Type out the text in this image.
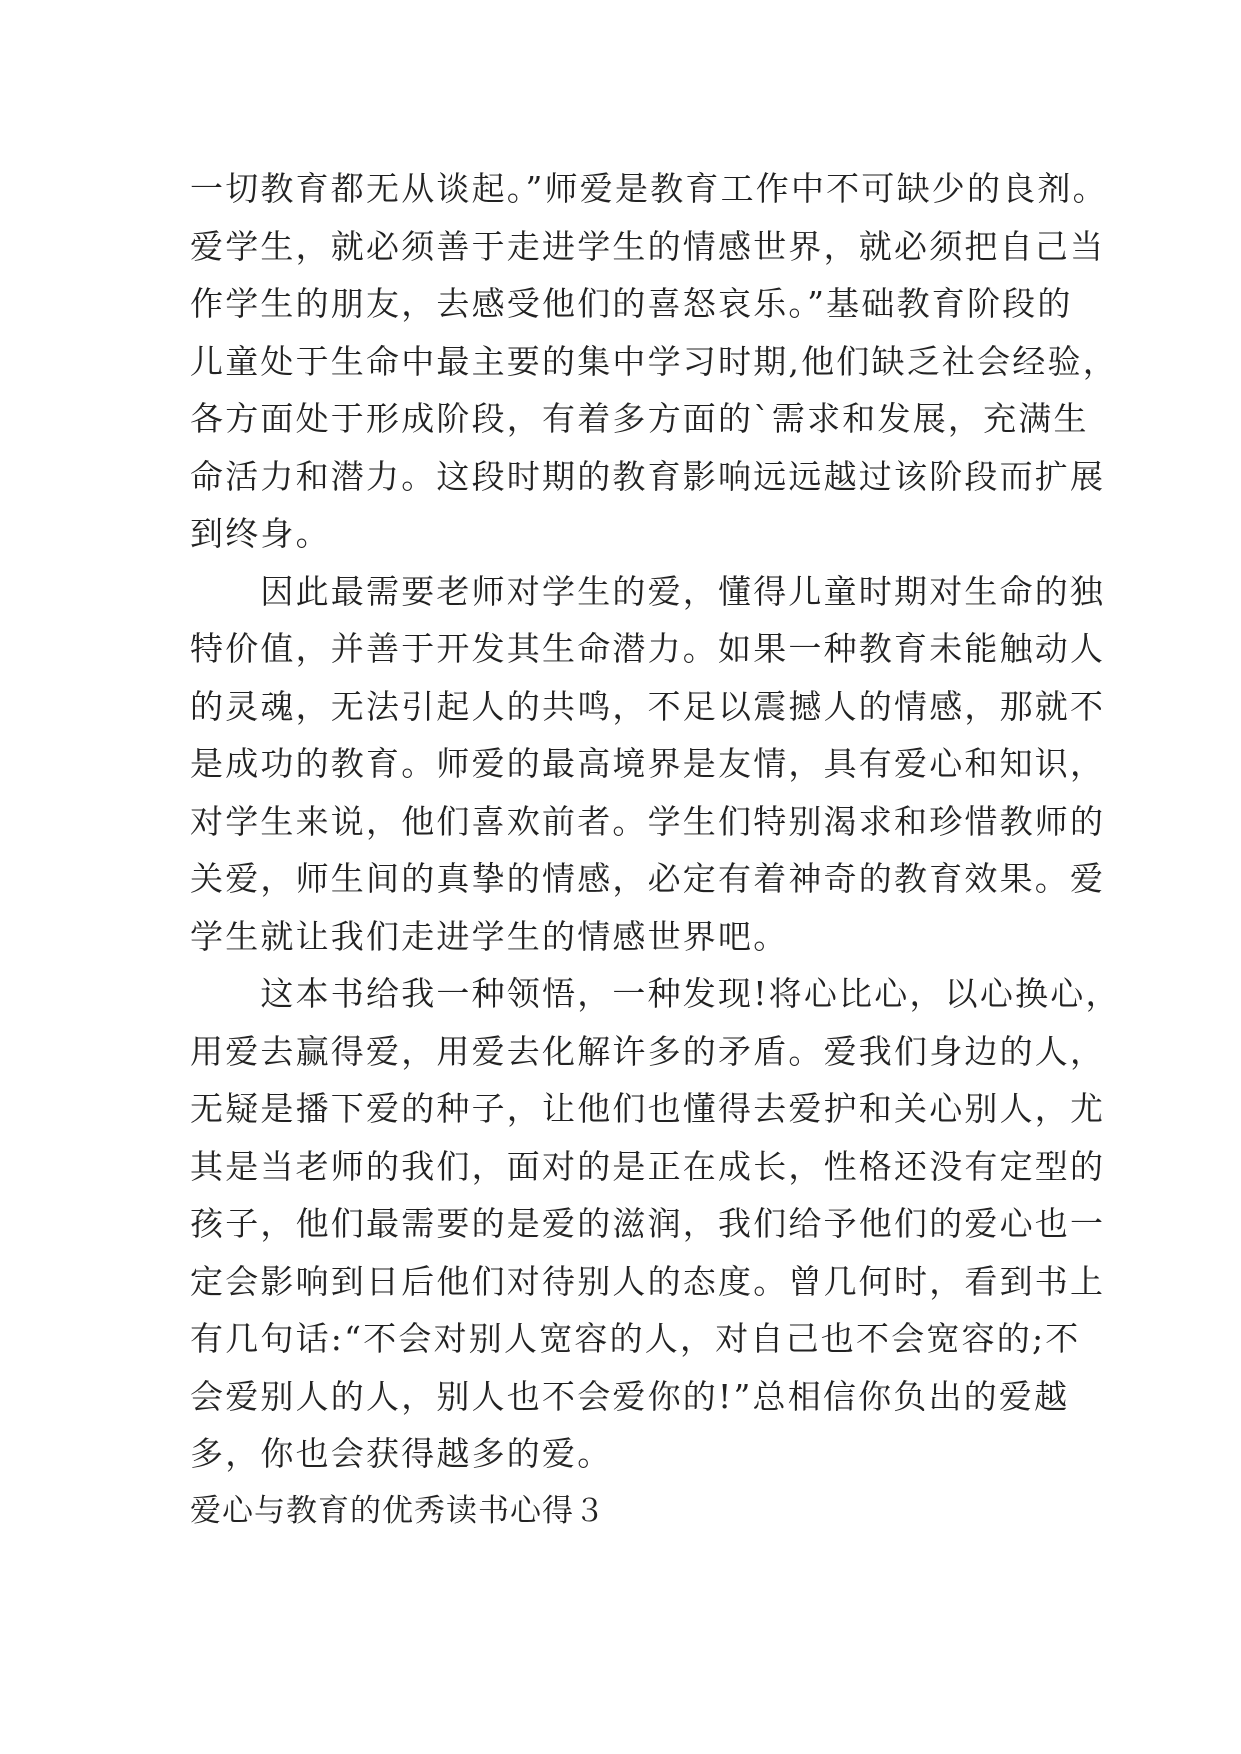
一切教育都无从谈起。”师爱是教育工作中不可缺少的良剂。
爱学生，就必须善于走进学生的情感世界，就必须把自己当
作学生的朋友，去感受他们的喜怒哀乐。”基础教育阶段的
儿童处于生命中最主要的集中学习时期,他们缺乏社会经验，
各方面处于形成阶段，有着多方面的`需求和发展，充满生
命活力和潜力。这段时期的教育影响远远越过该阶段而扩展
到终身。
　　因此最需要老师对学生的爱，懂得儿童时期对生命的独
特价值，并善于开发其生命潜力。如果一种教育未能触动人
的灵魂，无法引起人的共鸣，不足以震撼人的情感，那就不
是成功的教育。师爱的最高境界是友情，具有爱心和知识，
对学生来说，他们喜欢前者。学生们特别渴求和珍惜教师的
关爱，师生间的真挚的情感，必定有着神奇的教育效果。爱
学生就让我们走进学生的情感世界吧。
　　这本书给我一种领悟，一种发现!将心比心，以心换心，
用爱去赢得爱，用爱去化解许多的矛盾。爱我们身边的人，
无疑是播下爱的种子，让他们也懂得去爱护和关心别人，尤
其是当老师的我们，面对的是正在成长，性格还没有定型的
孩子，他们最需要的是爱的滋润，我们给予他们的爱心也一
定会影响到日后他们对待别人的态度。曾几何时，看到书上
有几句话:“不会对别人宽容的人，对自己也不会宽容的;不
会爱别人的人，别人也不会爱你的!”总相信你负出的爱越
多，你也会获得越多的爱。
爱心与教育的优秀读书心得３
